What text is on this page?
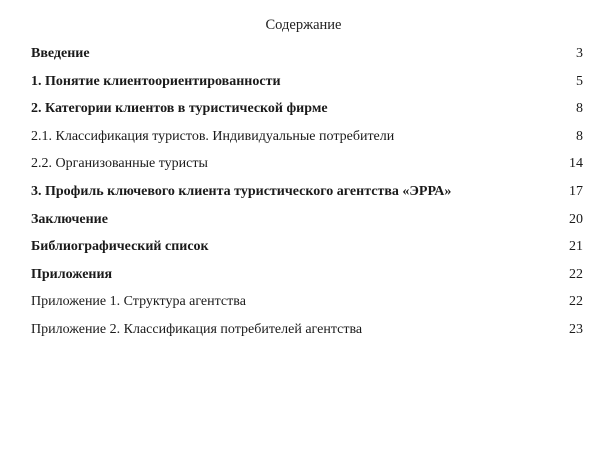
Содержание
Введение	3
1. Понятие клиентоориентированности	5
2. Категории клиентов в туристической фирме	8
2.1. Классификация туристов. Индивидуальные потребители	8
2.2. Организованные туристы	14
3. Профиль ключевого клиента туристического агентства «ЭРРА»	17
Заключение	20
Библиографический список	21
Приложения	22
Приложение 1. Структура агентства	22
Приложение 2. Классификация потребителей агентства	23
